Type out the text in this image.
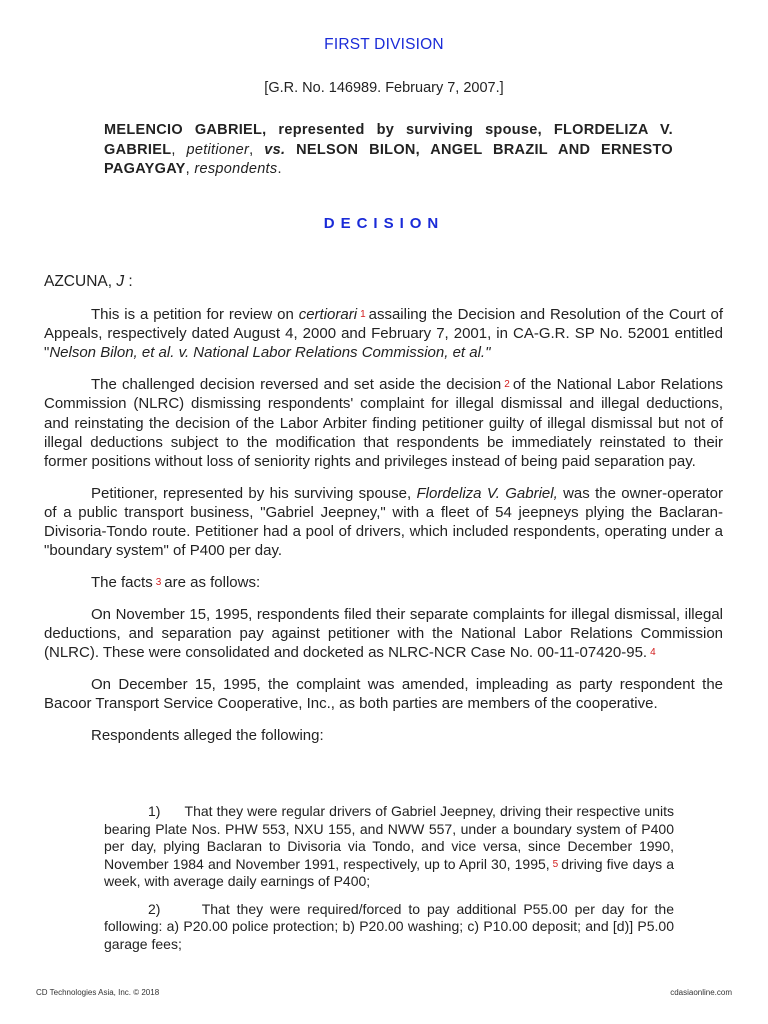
FIRST DIVISION
[G.R. No. 146989. February 7, 2007.]
MELENCIO GABRIEL, represented by surviving spouse, FLORDELIZA V. GABRIEL, petitioner, vs. NELSON BILON, ANGEL BRAZIL AND ERNESTO PAGAYGAY, respondents.
DECISION
AZCUNA, J :

This is a petition for review on certiorari 1 assailing the Decision and Resolution of the Court of Appeals, respectively dated August 4, 2000 and February 7, 2001, in CA-G.R. SP No. 52001 entitled "Nelson Bilon, et al. v. National Labor Relations Commission, et al."

The challenged decision reversed and set aside the decision 2 of the National Labor Relations Commission (NLRC) dismissing respondents' complaint for illegal dismissal and illegal deductions, and reinstating the decision of the Labor Arbiter finding petitioner guilty of illegal dismissal but not of illegal deductions subject to the modification that respondents be immediately reinstated to their former positions without loss of seniority rights and privileges instead of being paid separation pay.

Petitioner, represented by his surviving spouse, Flordeliza V. Gabriel, was the owner-operator of a public transport business, "Gabriel Jeepney," with a fleet of 54 jeepneys plying the Baclaran-Divisoria-Tondo route. Petitioner had a pool of drivers, which included respondents, operating under a "boundary system" of P400 per day.

The facts 3 are as follows:

On November 15, 1995, respondents filed their separate complaints for illegal dismissal, illegal deductions, and separation pay against petitioner with the National Labor Relations Commission (NLRC). These were consolidated and docketed as NLRC-NCR Case No. 00-11-07420-95. 4

On December 15, 1995, the complaint was amended, impleading as party respondent the Bacoor Transport Service Cooperative, Inc., as both parties are members of the cooperative.

Respondents alleged the following:

1)      That they were regular drivers of Gabriel Jeepney, driving their respective units bearing Plate Nos. PHW 553, NXU 155, and NWW 557, under a boundary system of P400 per day, plying Baclaran to Divisoria via Tondo, and vice versa, since December 1990, November 1984 and November 1991, respectively, up to April 30, 1995, 5 driving five days a week, with average daily earnings of P400;

2)      That they were required/forced to pay additional P55.00 per day for the following: a) P20.00 police protection; b) P20.00 washing; c) P10.00 deposit; and [d)] P5.00 garage fees;

CD Technologies Asia, Inc. © 2018	cdasiaonline.com
